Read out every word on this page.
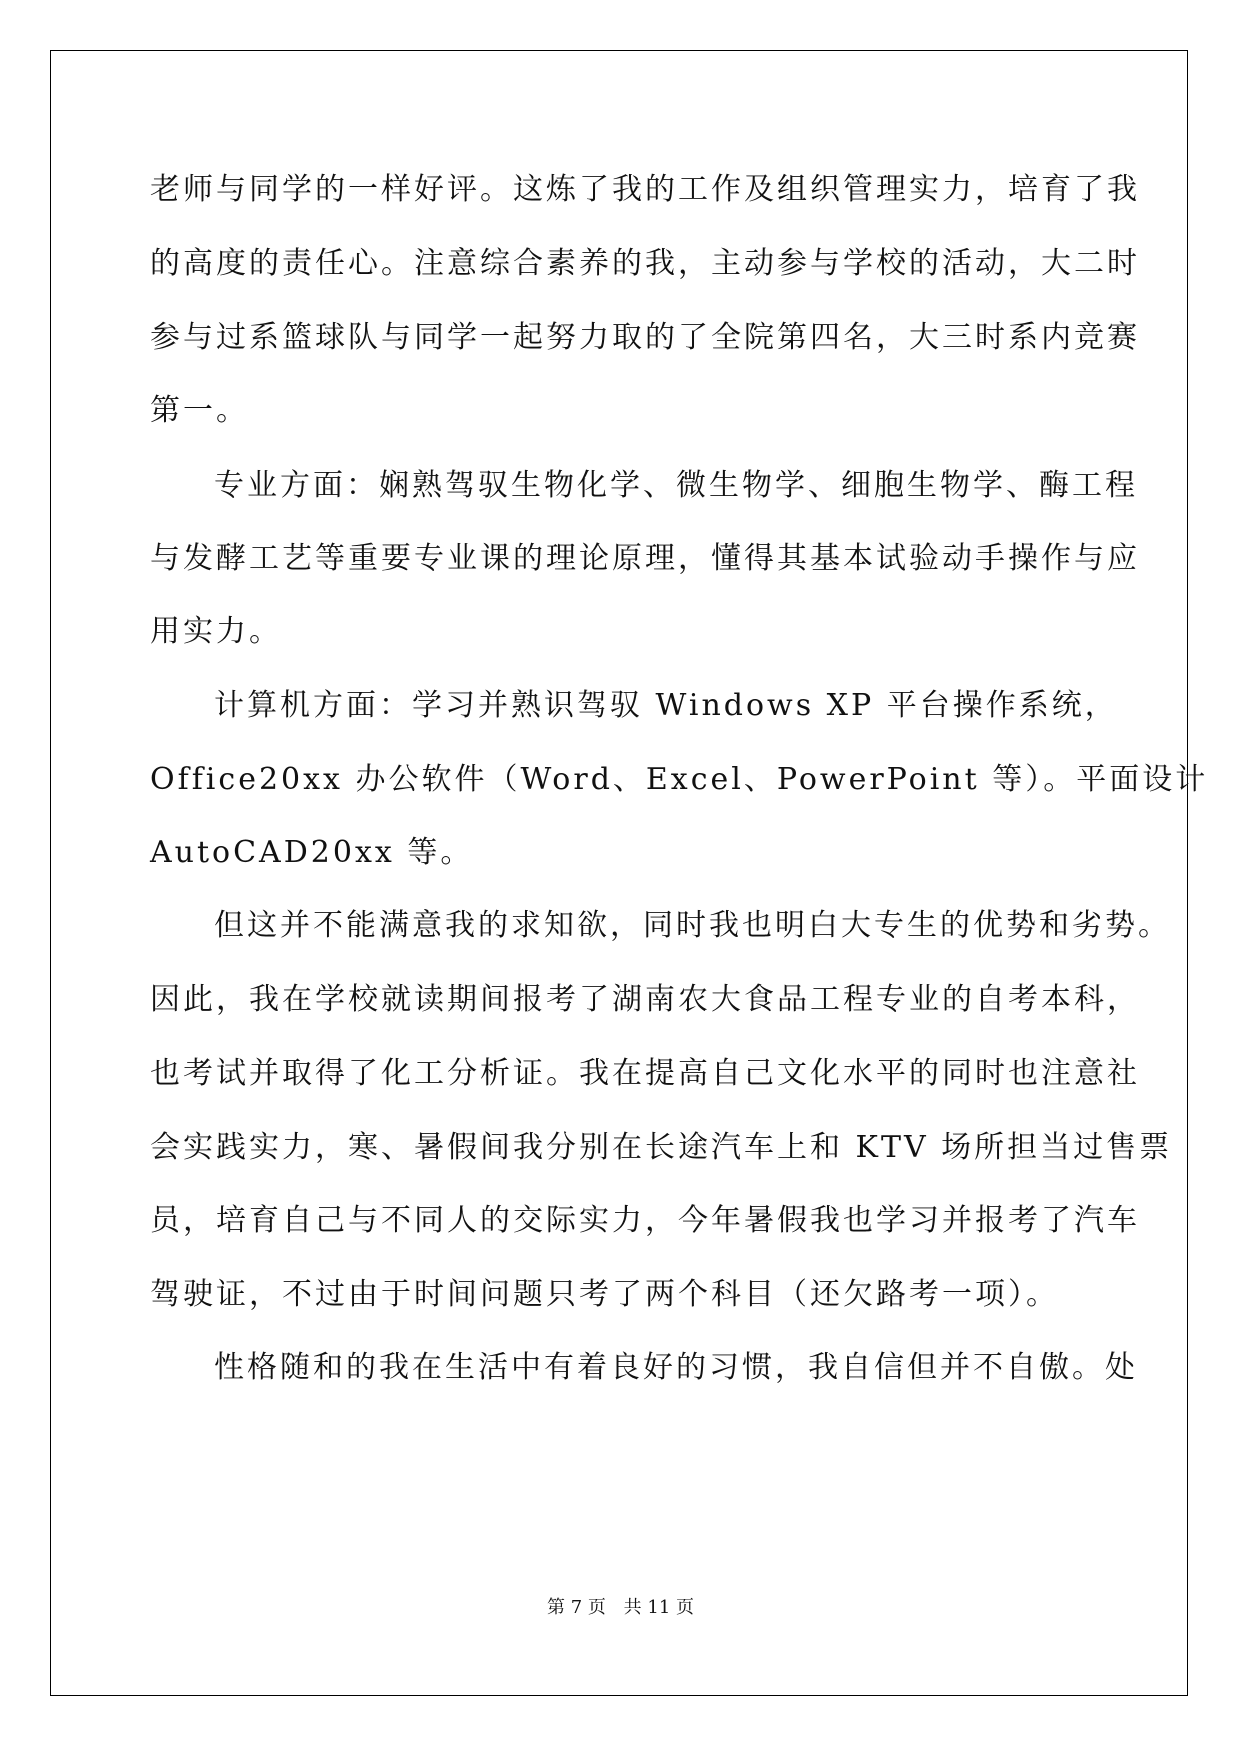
老师与同学的一样好评。这炼了我的工作及组织管理实力，培育了我
的高度的责任心。注意综合素养的我，主动参与学校的活动，大二时
参与过系篮球队与同学一起努力取的了全院第四名，大三时系内竞赛
第一。
专业方面：娴熟驾驭生物化学、微生物学、细胞生物学、酶工程
与发酵工艺等重要专业课的理论原理，懂得其基本试验动手操作与应
用实力。
计算机方面：学习并熟识驾驭 Windows XP 平台操作系统，
Office20xx 办公软件（Word、Excel、PowerPoint 等）。平面设计
AutoCAD20xx 等。
但这并不能满意我的求知欲，同时我也明白大专生的优势和劣势。
因此，我在学校就读期间报考了湖南农大食品工程专业的自考本科，
也考试并取得了化工分析证。我在提高自己文化水平的同时也注意社
会实践实力，寒、暑假间我分别在长途汽车上和 KTV 场所担当过售票
员，培育自己与不同人的交际实力，今年暑假我也学习并报考了汽车
驾驶证，不过由于时间问题只考了两个科目（还欠路考一项）。
性格随和的我在生活中有着良好的习惯，我自信但并不自傲。处
第 7 页 共 11 页
